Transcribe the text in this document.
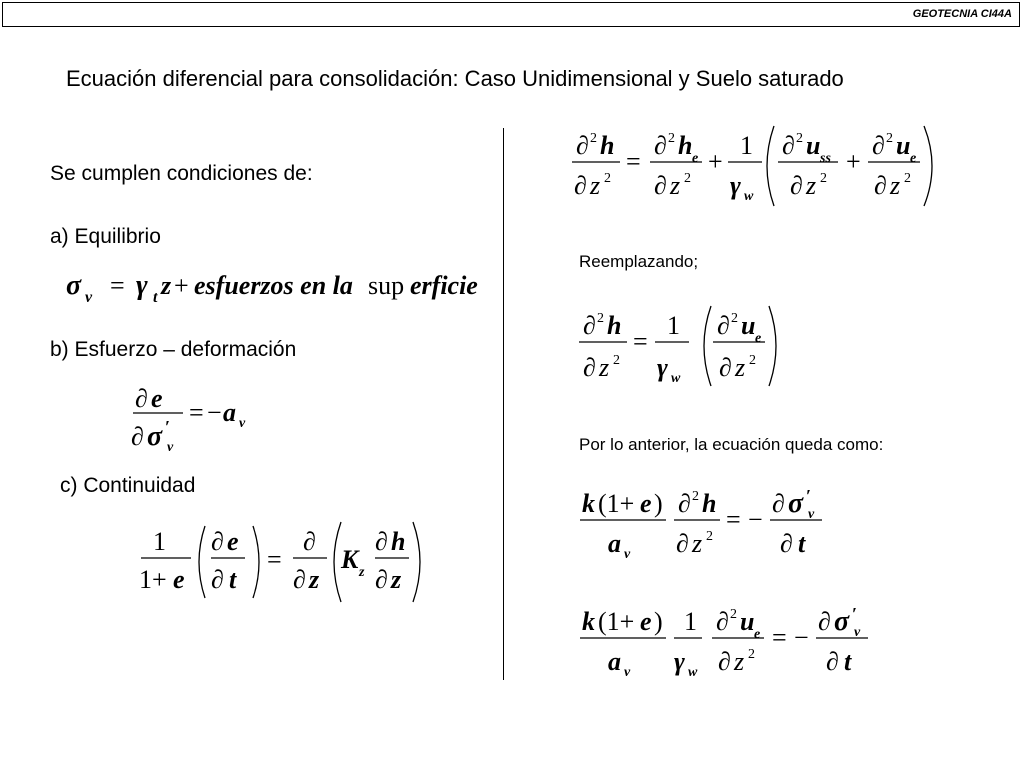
GEOTECNIA CI44A
Ecuación diferencial para consolidación: Caso Unidimensional y Suelo saturado
Se cumplen condiciones de:
a) Equilibrio
σ v = γ t z + esfuerzos en la sup erficie
b) Esfuerzo – deformación
∂ e
∂ σ ′
v
= − a v
c) Continuidad
1
1+ e
∂ e
∂ t
=
∂
∂ z
K z
∂ h
∂ z
∂ 2 h
∂ z 2
=
∂ 2 h e
∂ z 2
+
1
γ w
∂ 2 u ss
∂ z 2
+
∂ 2 u e
∂ z 2
Reemplazando;
∂ 2 h
∂ z 2
=
1
γ w
∂ 2 u e
∂ z 2
Por lo anterior, la ecuación queda como:
k (1+ e )
a v
∂ 2 h
∂ z 2
= −
∂ σ ′
v
∂ t
k (1+ e )
a v
1
γ w
∂ 2 u e
∂ z 2
= −
∂ σ ′
v
∂ t
